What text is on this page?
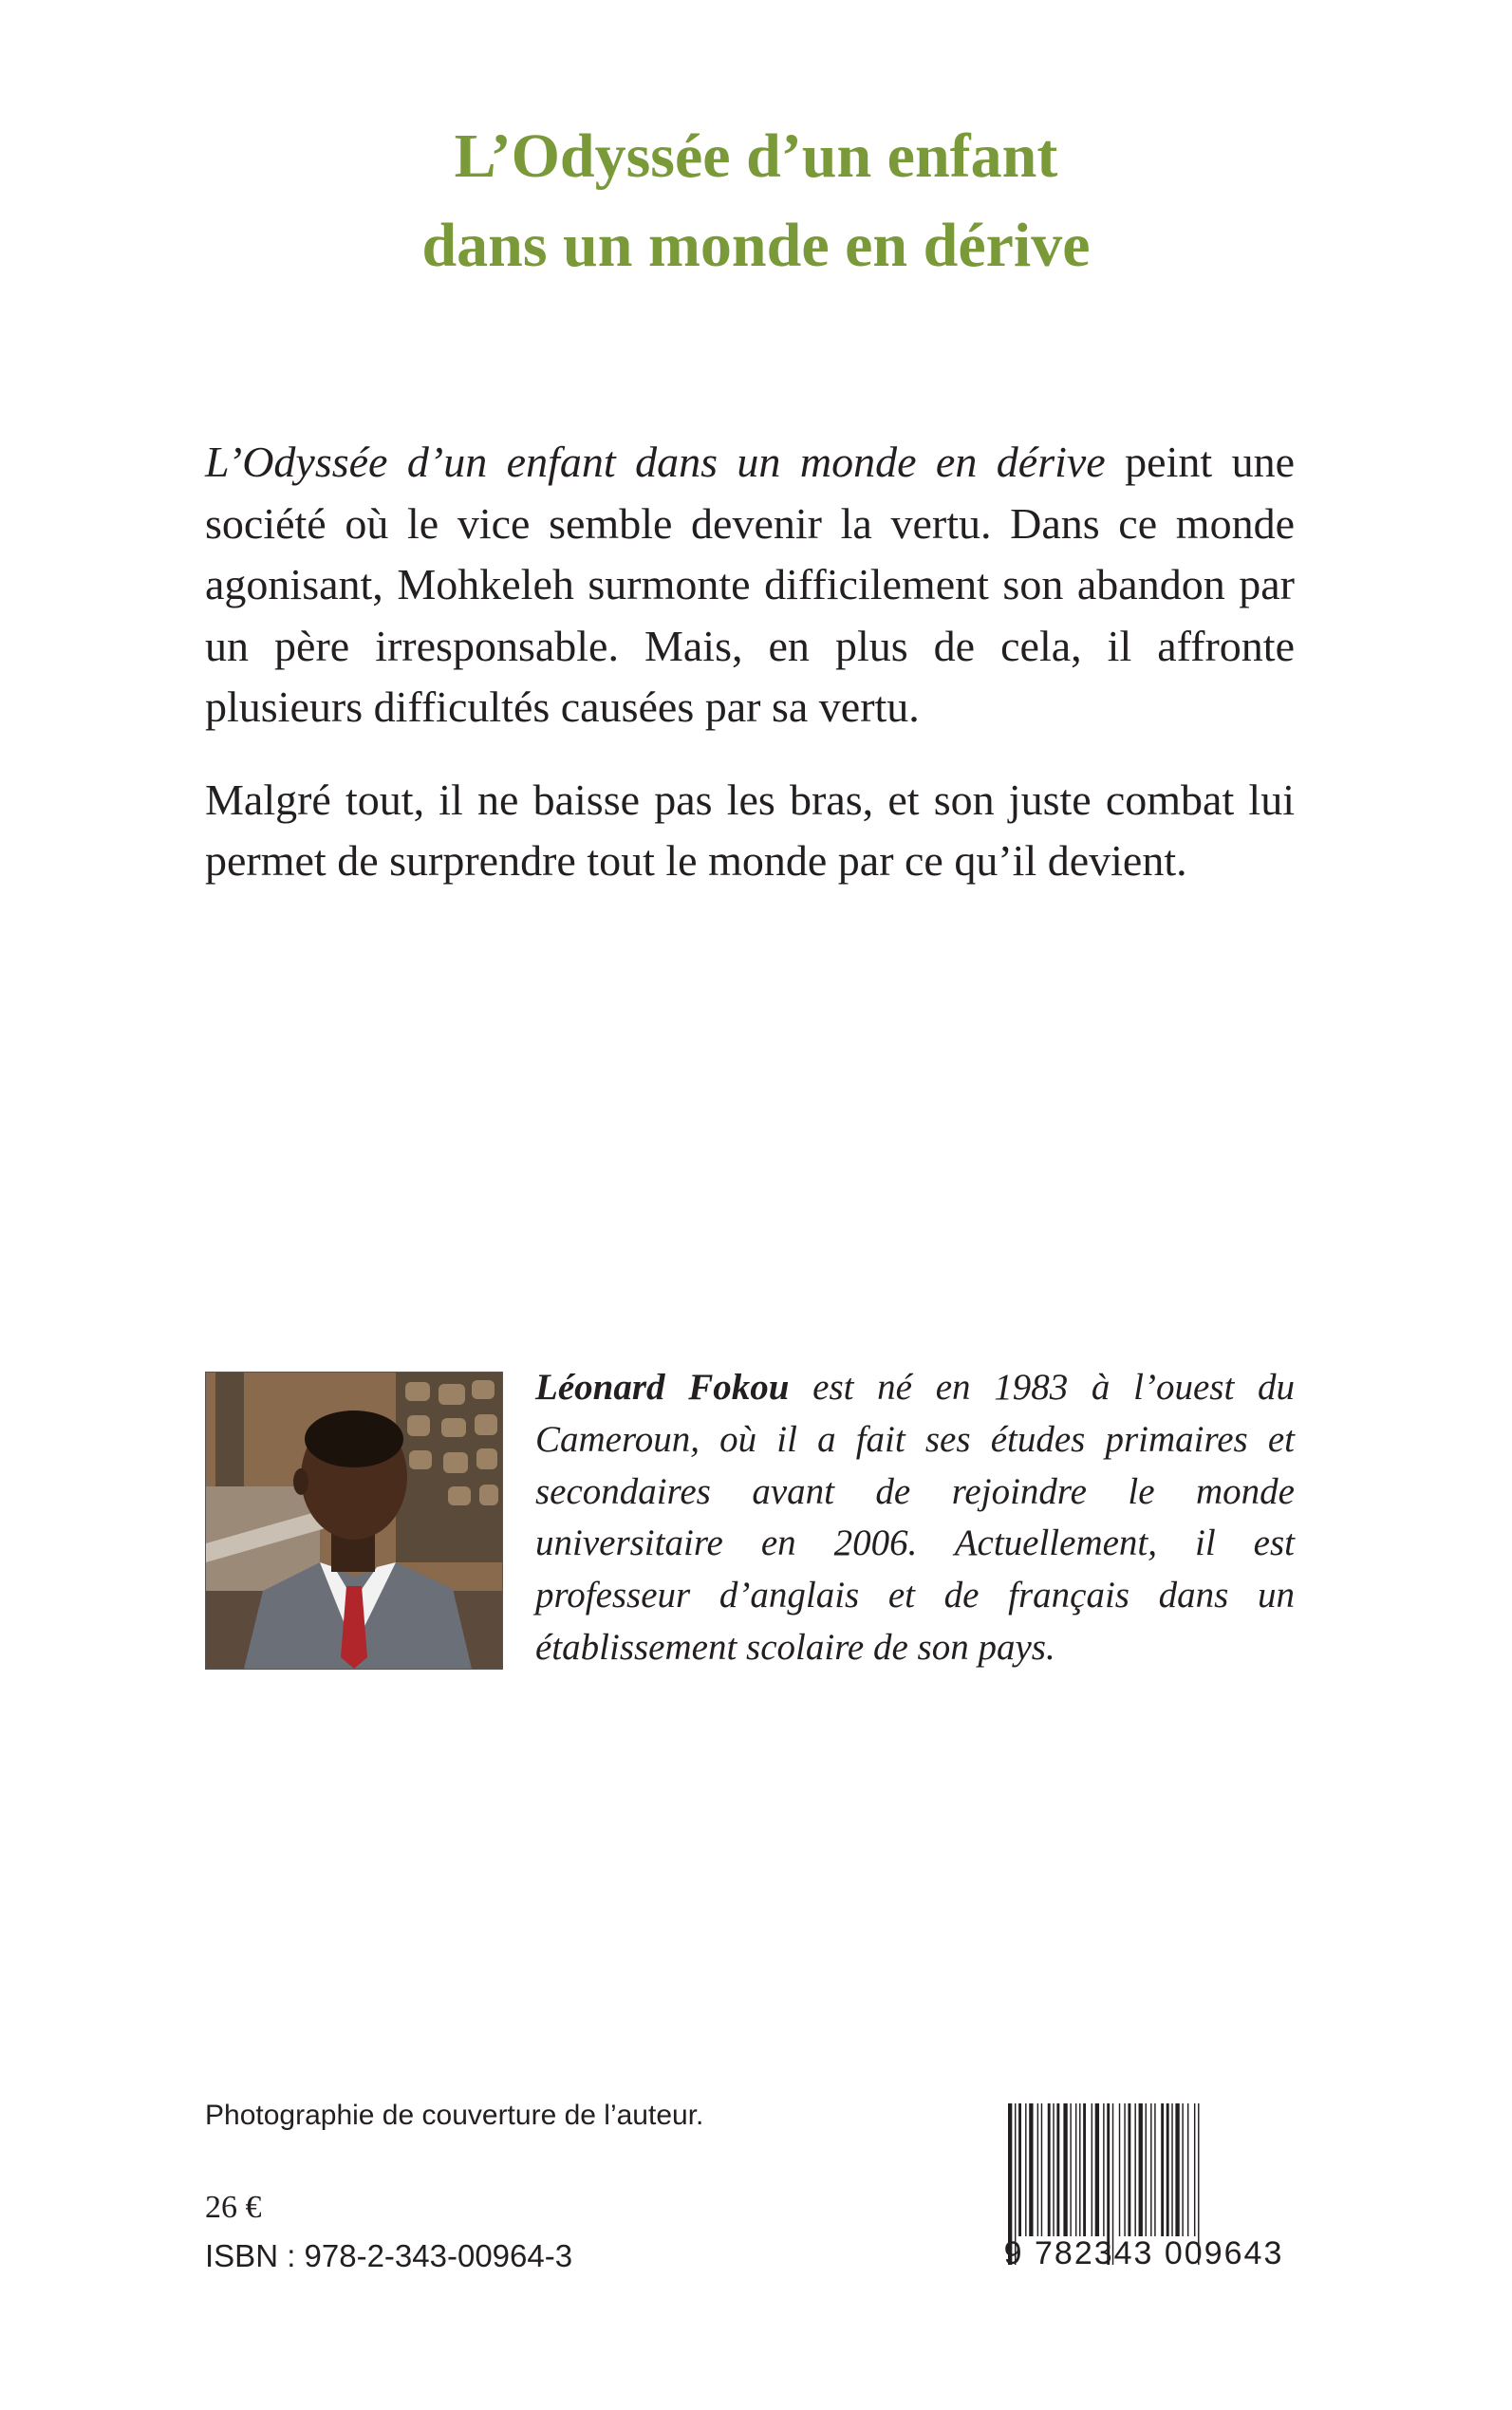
L’Odyssée d’un enfant
dans un monde en dérive

L’Odyssée d’un enfant dans un monde en dérive peint une société où le vice semble devenir la vertu. Dans ce monde agonisant, Mohkeleh surmonte difficilement son abandon par un père irresponsable. Mais, en plus de cela, il affronte plusieurs difficultés causées par sa vertu.

Malgré tout, il ne baisse pas les bras, et son juste combat lui permet de surprendre tout le monde par ce qu’il devient.

Léonard Fokou est né en 1983 à l’ouest du Cameroun, où il a fait ses études primaires et secondaires avant de rejoindre le monde universitaire en 2006. Actuellement, il est professeur d’anglais et de français dans un établissement scolaire de son pays.
Photographie de couverture de l’auteur.
26 €
ISBN : 978-2-343-00964-3	9 782343 009643
